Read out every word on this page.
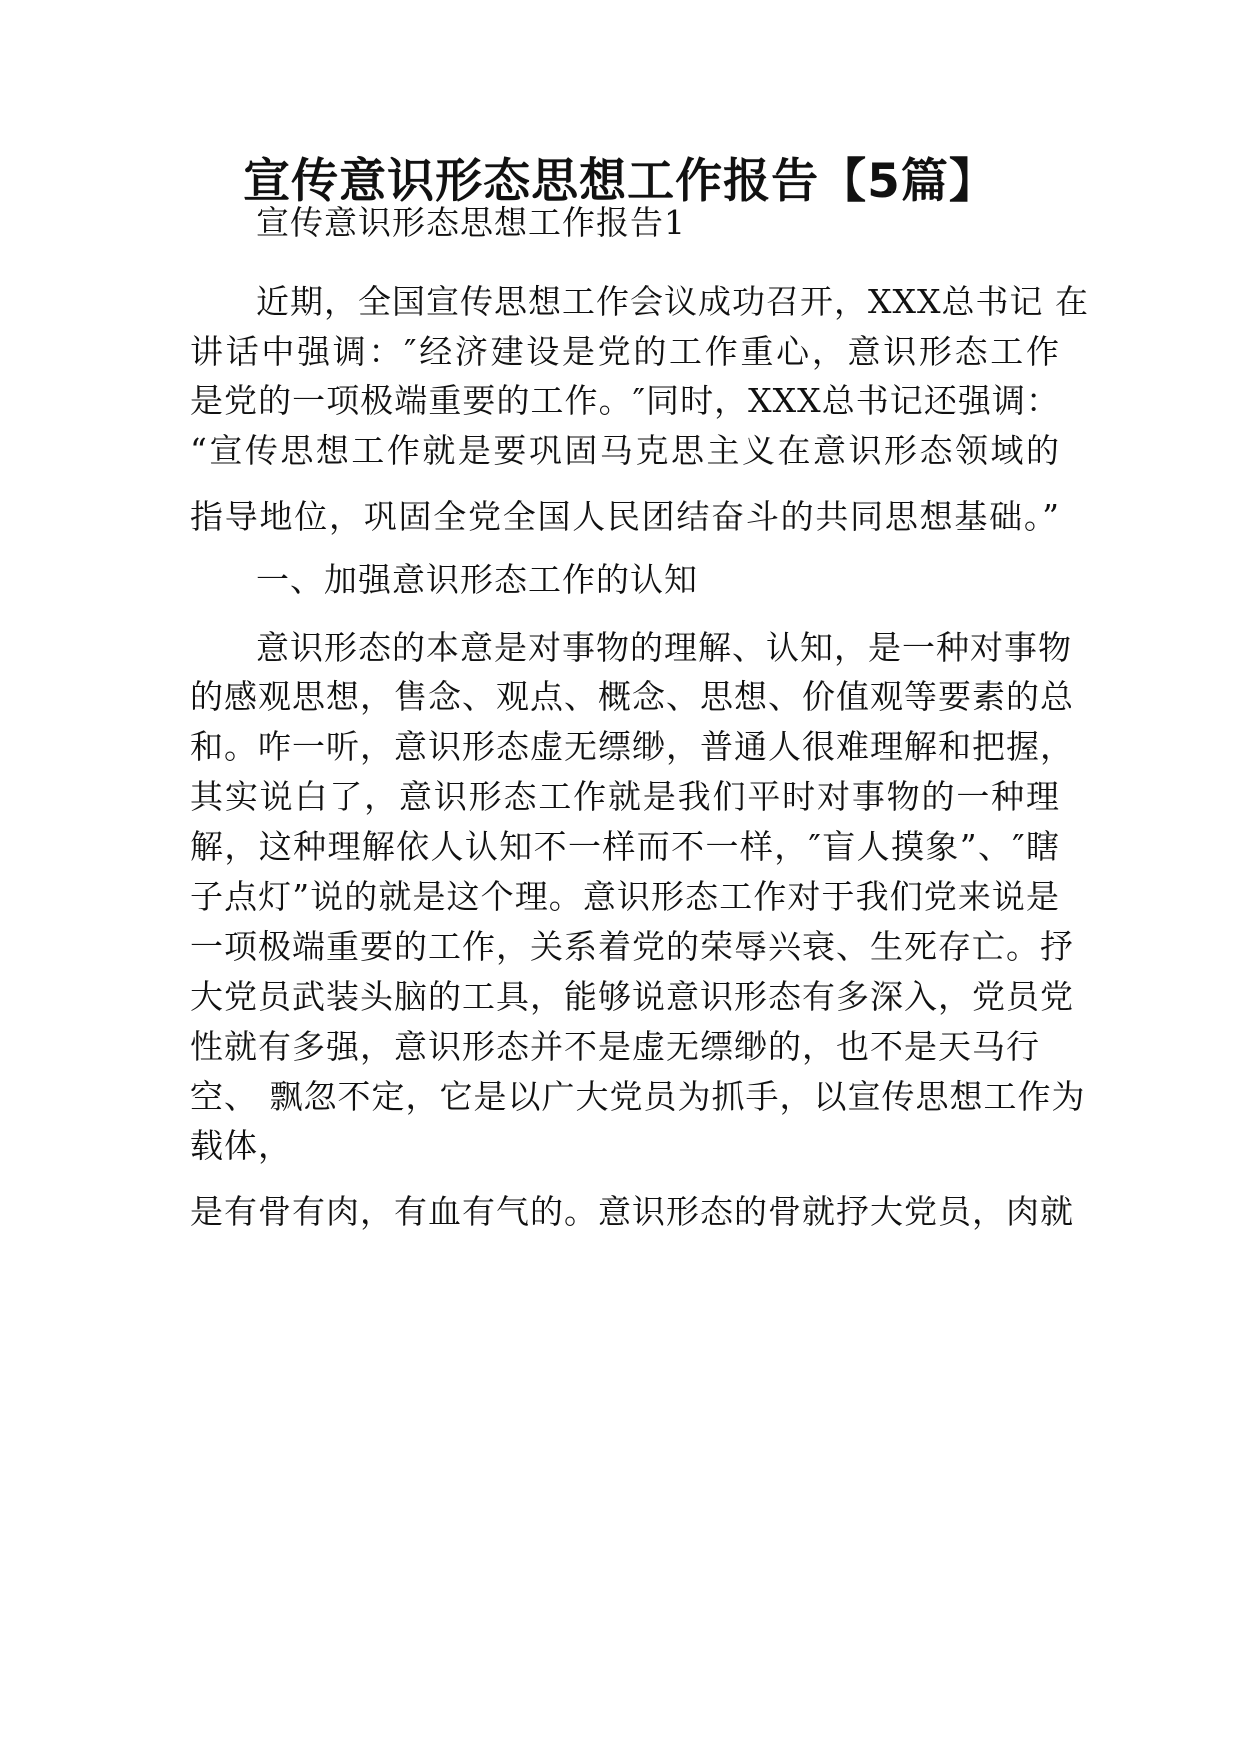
宣传意识形态思想工作报告【5篇】

宣传意识形态思想工作报告1

近期，全国宣传思想工作会议成功召开，XXX总书记 在

讲话中强调：″经济建设是党的工作重心，意识形态工作

是党的一项极端重要的工作。″同时，XXX总书记还强调：

“宣传思想工作就是要巩固马克思主义在意识形态领域的

指导地位，巩固全党全国人民团结奋斗的共同思想基础。”

一、加强意识形态工作的认知

意识形态的本意是对事物的理解、认知，是一种对事物

的感观思想，售念、观点、概念、思想、价值观等要素的总

和。咋一听，意识形态虚无缥缈，普通人很难理解和把握，

其实说白了，意识形态工作就是我们平时对事物的一种理

解，这种理解依人认知不一样而不一样，″盲人摸象”、″瞎

子点灯”说的就是这个理。意识形态工作对于我们党来说是

一项极端重要的工作，关系着党的荣辱兴衰、生死存亡。抒

大党员武装头脑的工具，能够说意识形态有多深入，党员党

性就有多强，意识形态并不是虚无缥缈的，也不是天马行

空、 飘忽不定，它是以广大党员为抓手，以宣传思想工作为

载体，

是有骨有肉，有血有气的。意识形态的骨就抒大党员，肉就
